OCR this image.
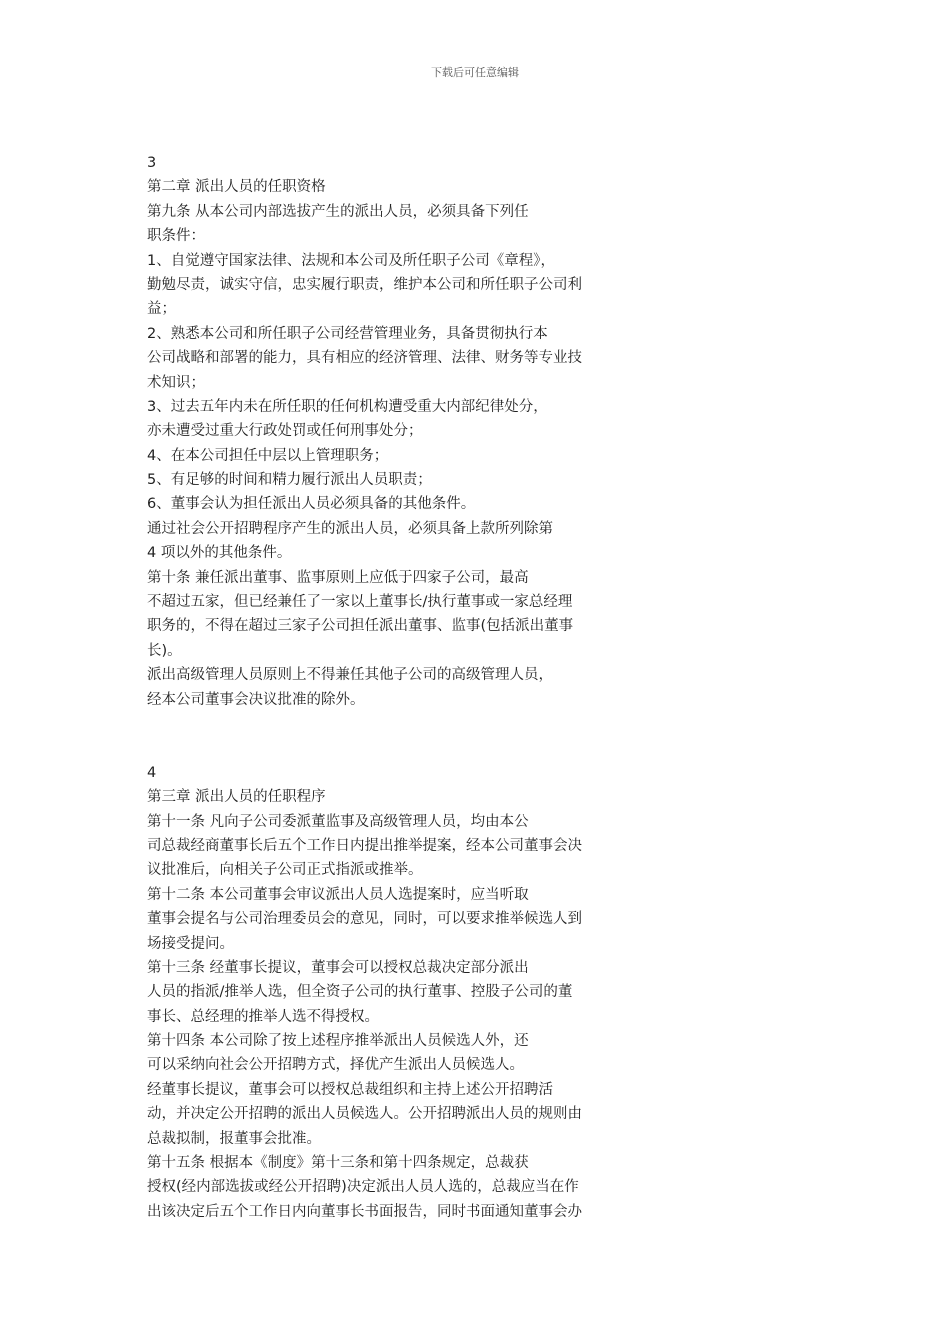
下载后可任意编辑
3
第二章 派出人员的任职资格
第九条 从本公司内部选拔产生的派出人员，必须具备下列任
职条件：
1、自觉遵守国家法律、法规和本公司及所任职子公司《章程》，
勤勉尽责，诚实守信，忠实履行职责，维护本公司和所任职子公司利
益；
2、熟悉本公司和所任职子公司经营管理业务，具备贯彻执行本
公司战略和部署的能力，具有相应的经济管理、法律、财务等专业技
术知识；
3、过去五年内未在所任职的任何机构遭受重大内部纪律处分，
亦未遭受过重大行政处罚或任何刑事处分；
4、在本公司担任中层以上管理职务；
5、有足够的时间和精力履行派出人员职责；
6、董事会认为担任派出人员必须具备的其他条件。
通过社会公开招聘程序产生的派出人员，必须具备上款所列除第
4 项以外的其他条件。
第十条 兼任派出董事、监事原则上应低于四家子公司，最高
不超过五家，但已经兼任了一家以上董事长/执行董事或一家总经理
职务的，不得在超过三家子公司担任派出董事、监事(包括派出董事
长)。
派出高级管理人员原则上不得兼任其他子公司的高级管理人员，
经本公司董事会决议批准的除外。
4
第三章 派出人员的任职程序
第十一条 凡向子公司委派董监事及高级管理人员，均由本公
司总裁经商董事长后五个工作日内提出推举提案，经本公司董事会决
议批准后，向相关子公司正式指派或推举。
第十二条 本公司董事会审议派出人员人选提案时，应当听取
董事会提名与公司治理委员会的意见，同时，可以要求推举候选人到
场接受提问。
第十三条 经董事长提议，董事会可以授权总裁决定部分派出
人员的指派/推举人选，但全资子公司的执行董事、控股子公司的董
事长、总经理的推举人选不得授权。
第十四条 本公司除了按上述程序推举派出人员候选人外，还
可以采纳向社会公开招聘方式，择优产生派出人员候选人。
经董事长提议，董事会可以授权总裁组织和主持上述公开招聘活
动，并决定公开招聘的派出人员候选人。公开招聘派出人员的规则由
总裁拟制，报董事会批准。
第十五条 根据本《制度》第十三条和第十四条规定，总裁获
授权(经内部选拔或经公开招聘)决定派出人员人选的，总裁应当在作
出该决定后五个工作日内向董事长书面报告，同时书面通知董事会办
